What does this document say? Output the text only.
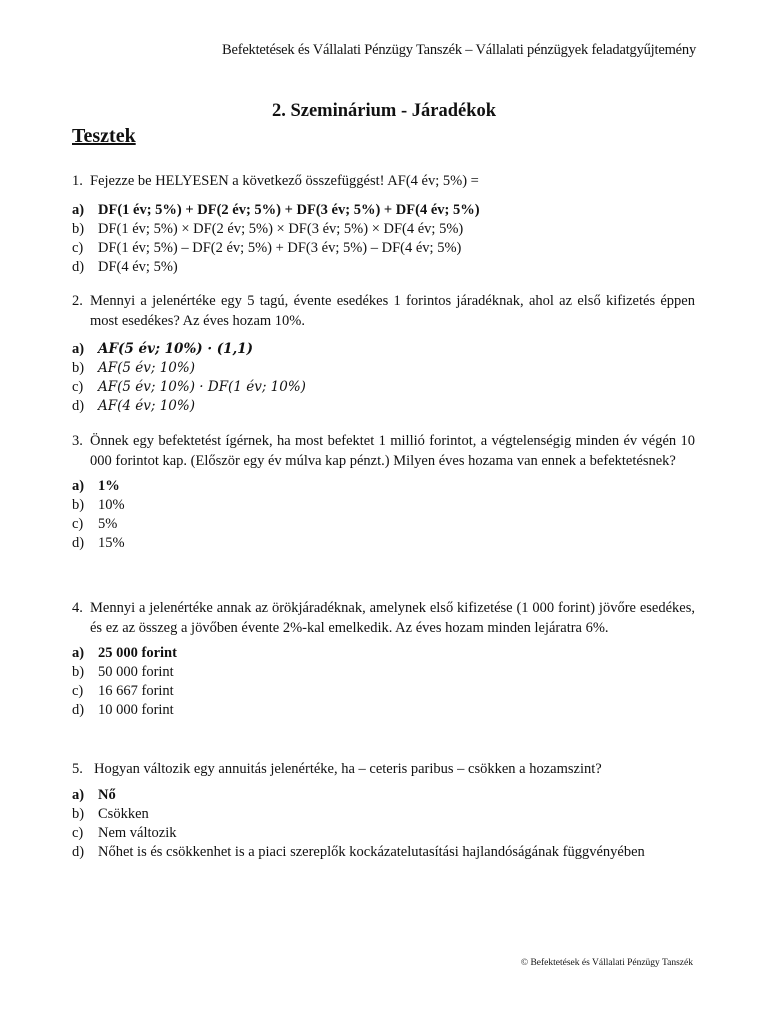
Befektetések és Vállalati Pénzügy Tanszék – Vállalati pénzügyek feladatgyűjtemény
2. Szeminárium - Járadékok
Tesztek
1. Fejezze be HELYESEN a következő összefüggést! AF(4 év; 5%) =
a) DF(1 év; 5%) + DF(2 év; 5%) + DF(3 év; 5%) + DF(4 év; 5%)
b) DF(1 év; 5%) × DF(2 év; 5%) × DF(3 év; 5%) × DF(4 év; 5%)
c)	DF(1 év; 5%) – DF(2 év; 5%) + DF(3 év; 5%) – DF(4 év; 5%)
d) DF(4 év; 5%)
2. Mennyi a jelenértéke egy 5 tagú, évente esedékes 1 forintos járadéknak, ahol az első kifizetés éppen most esedékes? Az éves hozam 10%.
a)	AF(5 év; 10%) · (1,1)
b)	AF(5 év; 10%)
c)	AF(5 év; 10%) · DF(1 év; 10%)
d)	AF(4 év; 10%)
3. Önnek egy befektetést ígérnek, ha most befektet 1 millió forintot, a végtelenségig minden év végén 10 000 forintot kap. (Először egy év múlva kap pénzt.) Milyen éves hozama van ennek a befektetésnek?
a) 1%
b) 10%
c)	5%
d) 15%
4. Mennyi a jelenértéke annak az örökjáradéknak, amelynek első kifizetése (1 000 forint) jövőre esedékes, és ez az összeg a jövőben évente 2%-kal emelkedik. Az éves hozam minden lejáratra 6%.
a) 25 000 forint
b) 50 000 forint
c)	16 667 forint
d) 10 000 forint
5. Hogyan változik egy annuitás jelenértéke, ha – ceteris paribus – csökken a hozamszint?
a) Nő
b) Csökken
c)	Nem változik
d) Nőhet is és csökkenhet is a piaci szereplők kockázatelutasítási hajlandóságának függvényében
© Befektetések és Vállalati Pénzügy Tanszék
